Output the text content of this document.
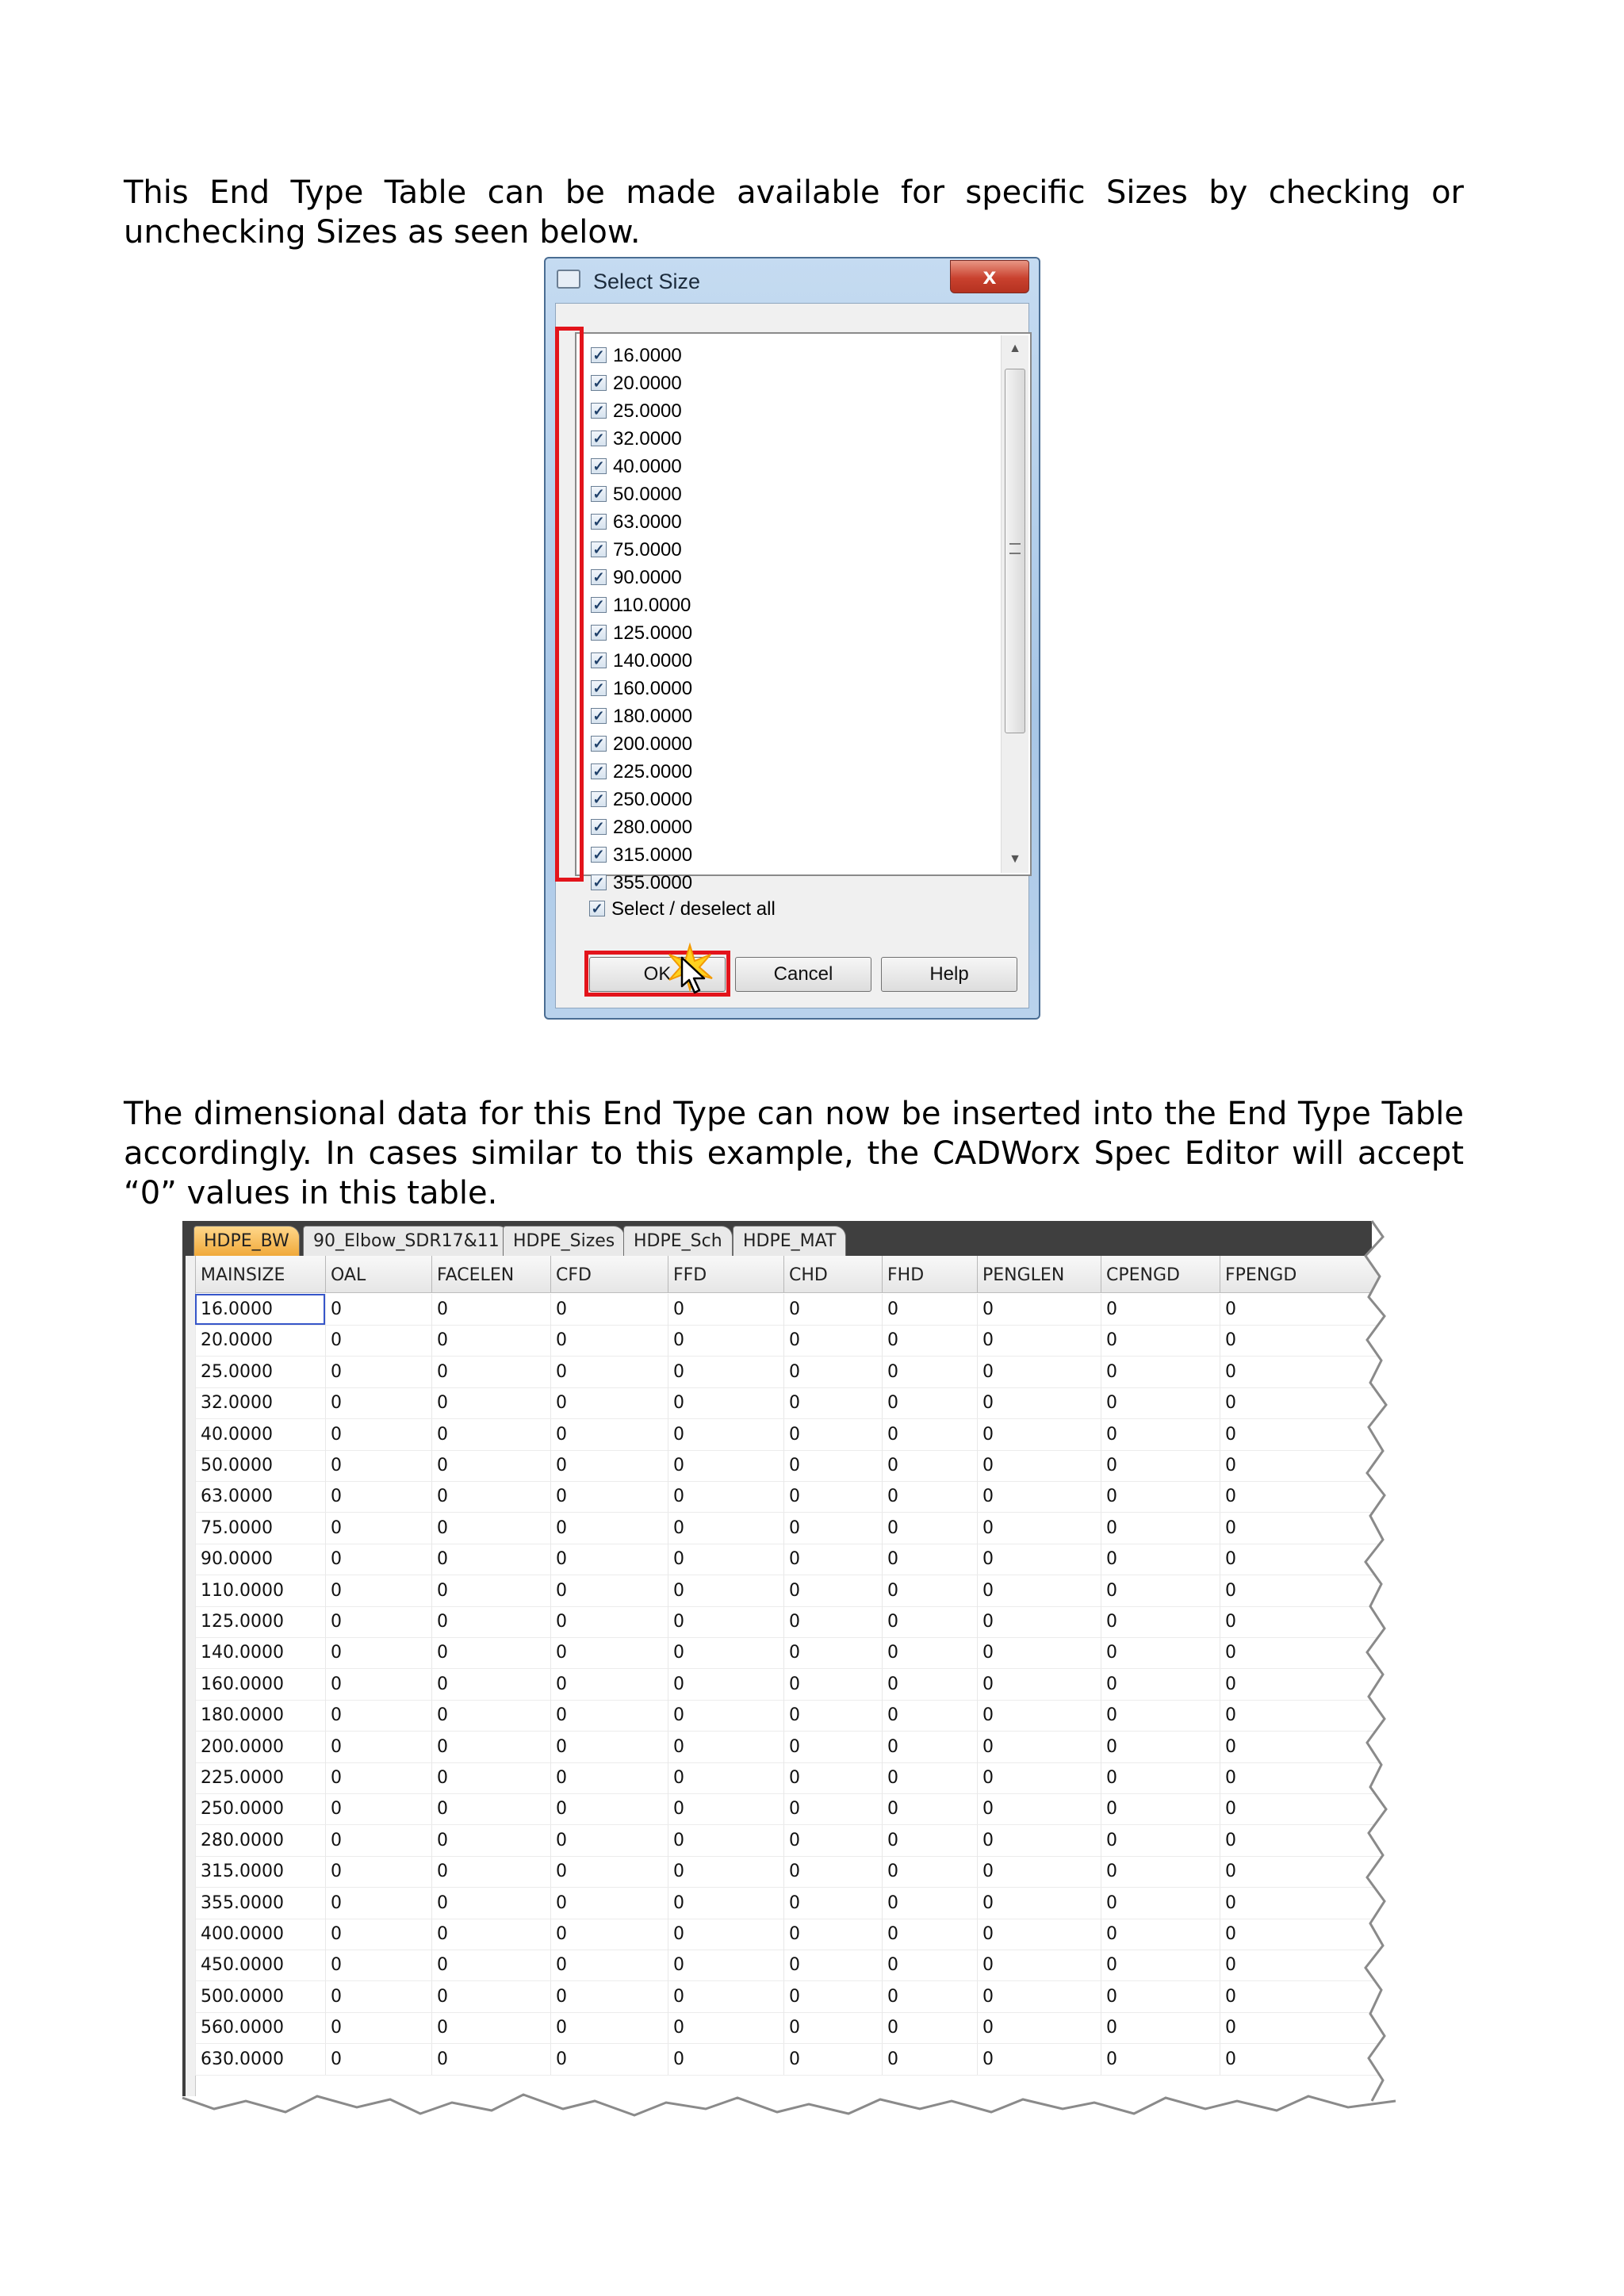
This End Type Table can be made available for specific Sizes by checking or unchecking Sizes as seen below.

Select Size	x
▲
▼
✓ 16.0000
✓ 20.0000
✓ 25.0000
✓ 32.0000
✓ 40.0000
✓ 50.0000
✓ 63.0000
✓ 75.0000
✓ 90.0000
✓ 110.0000
✓ 125.0000
✓ 140.0000
✓ 160.0000
✓ 180.0000
✓ 200.0000
✓ 225.0000
✓ 250.0000
✓ 280.0000
✓ 315.0000
✓ 355.0000
✓ Select / deselect all
OK	Cancel	Help

The dimensional data for this End Type can now be inserted into the End Type Table accordingly. In cases similar to this example, the CADWorx Spec Editor will accept “0” values in this table.

HDPE_BW	90_Elbow_SDR17&11 HDPE_Sizes	HDPE_Sch	HDPE_MAT
MAINSIZE	OAL	FACELEN	CFD	FFD	CHD	FHD	PENGLEN	CPENGD	FPENGD
16.0000	0	0	0	0	0	0	0	0	0
20.0000	0	0	0	0	0	0	0	0	0
25.0000	0	0	0	0	0	0	0	0	0
32.0000	0	0	0	0	0	0	0	0	0
40.0000	0	0	0	0	0	0	0	0	0
50.0000	0	0	0	0	0	0	0	0	0
63.0000	0	0	0	0	0	0	0	0	0
75.0000	0	0	0	0	0	0	0	0	0
90.0000	0	0	0	0	0	0	0	0	0
110.0000	0	0	0	0	0	0	0	0	0
125.0000	0	0	0	0	0	0	0	0	0
140.0000	0	0	0	0	0	0	0	0	0
160.0000	0	0	0	0	0	0	0	0	0
180.0000	0	0	0	0	0	0	0	0	0
200.0000	0	0	0	0	0	0	0	0	0
225.0000	0	0	0	0	0	0	0	0	0
250.0000	0	0	0	0	0	0	0	0	0
280.0000	0	0	0	0	0	0	0	0	0
315.0000	0	0	0	0	0	0	0	0	0
355.0000	0	0	0	0	0	0	0	0	0
400.0000	0	0	0	0	0	0	0	0	0
450.0000	0	0	0	0	0	0	0	0	0
500.0000	0	0	0	0	0	0	0	0	0
560.0000	0	0	0	0	0	0	0	0	0
630.0000	0	0	0	0	0	0	0	0	0
